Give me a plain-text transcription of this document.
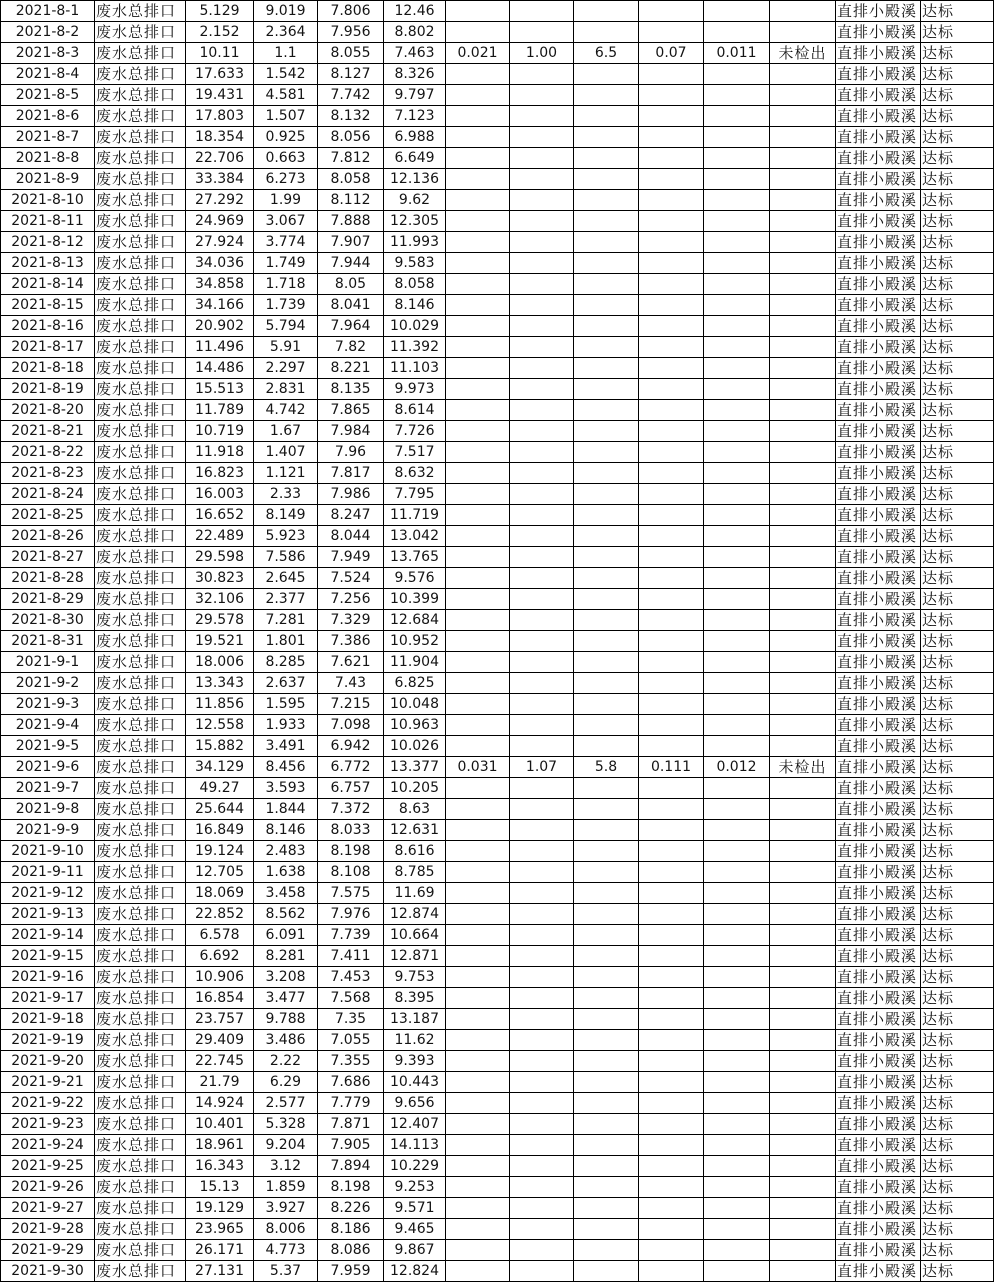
2021-8-1	废水总排口	5.129	9.019	7.806	12.46							直排小殿溪	达标
2021-8-2	废水总排口	2.152	2.364	7.956	8.802							直排小殿溪	达标
2021-8-3	废水总排口	10.11	1.1	8.055	7.463	0.021	1.00	6.5	0.07	0.011	未检出	直排小殿溪	达标
2021-8-4	废水总排口	17.633	1.542	8.127	8.326							直排小殿溪	达标
2021-8-5	废水总排口	19.431	4.581	7.742	9.797							直排小殿溪	达标
2021-8-6	废水总排口	17.803	1.507	8.132	7.123							直排小殿溪	达标
2021-8-7	废水总排口	18.354	0.925	8.056	6.988							直排小殿溪	达标
2021-8-8	废水总排口	22.706	0.663	7.812	6.649							直排小殿溪	达标
2021-8-9	废水总排口	33.384	6.273	8.058	12.136							直排小殿溪	达标
2021-8-10	废水总排口	27.292	1.99	8.112	9.62							直排小殿溪	达标
2021-8-11	废水总排口	24.969	3.067	7.888	12.305							直排小殿溪	达标
2021-8-12	废水总排口	27.924	3.774	7.907	11.993							直排小殿溪	达标
2021-8-13	废水总排口	34.036	1.749	7.944	9.583							直排小殿溪	达标
2021-8-14	废水总排口	34.858	1.718	8.05	8.058							直排小殿溪	达标
2021-8-15	废水总排口	34.166	1.739	8.041	8.146							直排小殿溪	达标
2021-8-16	废水总排口	20.902	5.794	7.964	10.029							直排小殿溪	达标
2021-8-17	废水总排口	11.496	5.91	7.82	11.392							直排小殿溪	达标
2021-8-18	废水总排口	14.486	2.297	8.221	11.103							直排小殿溪	达标
2021-8-19	废水总排口	15.513	2.831	8.135	9.973							直排小殿溪	达标
2021-8-20	废水总排口	11.789	4.742	7.865	8.614							直排小殿溪	达标
2021-8-21	废水总排口	10.719	1.67	7.984	7.726							直排小殿溪	达标
2021-8-22	废水总排口	11.918	1.407	7.96	7.517							直排小殿溪	达标
2021-8-23	废水总排口	16.823	1.121	7.817	8.632							直排小殿溪	达标
2021-8-24	废水总排口	16.003	2.33	7.986	7.795							直排小殿溪	达标
2021-8-25	废水总排口	16.652	8.149	8.247	11.719							直排小殿溪	达标
2021-8-26	废水总排口	22.489	5.923	8.044	13.042							直排小殿溪	达标
2021-8-27	废水总排口	29.598	7.586	7.949	13.765							直排小殿溪	达标
2021-8-28	废水总排口	30.823	2.645	7.524	9.576							直排小殿溪	达标
2021-8-29	废水总排口	32.106	2.377	7.256	10.399							直排小殿溪	达标
2021-8-30	废水总排口	29.578	7.281	7.329	12.684							直排小殿溪	达标
2021-8-31	废水总排口	19.521	1.801	7.386	10.952							直排小殿溪	达标
2021-9-1	废水总排口	18.006	8.285	7.621	11.904							直排小殿溪	达标
2021-9-2	废水总排口	13.343	2.637	7.43	6.825							直排小殿溪	达标
2021-9-3	废水总排口	11.856	1.595	7.215	10.048							直排小殿溪	达标
2021-9-4	废水总排口	12.558	1.933	7.098	10.963							直排小殿溪	达标
2021-9-5	废水总排口	15.882	3.491	6.942	10.026							直排小殿溪	达标
2021-9-6	废水总排口	34.129	8.456	6.772	13.377	0.031	1.07	5.8	0.111	0.012	未检出	直排小殿溪	达标
2021-9-7	废水总排口	49.27	3.593	6.757	10.205							直排小殿溪	达标
2021-9-8	废水总排口	25.644	1.844	7.372	8.63							直排小殿溪	达标
2021-9-9	废水总排口	16.849	8.146	8.033	12.631							直排小殿溪	达标
2021-9-10	废水总排口	19.124	2.483	8.198	8.616							直排小殿溪	达标
2021-9-11	废水总排口	12.705	1.638	8.108	8.785							直排小殿溪	达标
2021-9-12	废水总排口	18.069	3.458	7.575	11.69							直排小殿溪	达标
2021-9-13	废水总排口	22.852	8.562	7.976	12.874							直排小殿溪	达标
2021-9-14	废水总排口	6.578	6.091	7.739	10.664							直排小殿溪	达标
2021-9-15	废水总排口	6.692	8.281	7.411	12.871							直排小殿溪	达标
2021-9-16	废水总排口	10.906	3.208	7.453	9.753							直排小殿溪	达标
2021-9-17	废水总排口	16.854	3.477	7.568	8.395							直排小殿溪	达标
2021-9-18	废水总排口	23.757	9.788	7.35	13.187							直排小殿溪	达标
2021-9-19	废水总排口	29.409	3.486	7.055	11.62							直排小殿溪	达标
2021-9-20	废水总排口	22.745	2.22	7.355	9.393							直排小殿溪	达标
2021-9-21	废水总排口	21.79	6.29	7.686	10.443							直排小殿溪	达标
2021-9-22	废水总排口	14.924	2.577	7.779	9.656							直排小殿溪	达标
2021-9-23	废水总排口	10.401	5.328	7.871	12.407							直排小殿溪	达标
2021-9-24	废水总排口	18.961	9.204	7.905	14.113							直排小殿溪	达标
2021-9-25	废水总排口	16.343	3.12	7.894	10.229							直排小殿溪	达标
2021-9-26	废水总排口	15.13	1.859	8.198	9.253							直排小殿溪	达标
2021-9-27	废水总排口	19.129	3.927	8.226	9.571							直排小殿溪	达标
2021-9-28	废水总排口	23.965	8.006	8.186	9.465							直排小殿溪	达标
2021-9-29	废水总排口	26.171	4.773	8.086	9.867							直排小殿溪	达标
2021-9-30	废水总排口	27.131	5.37	7.959	12.824							直排小殿溪	达标
